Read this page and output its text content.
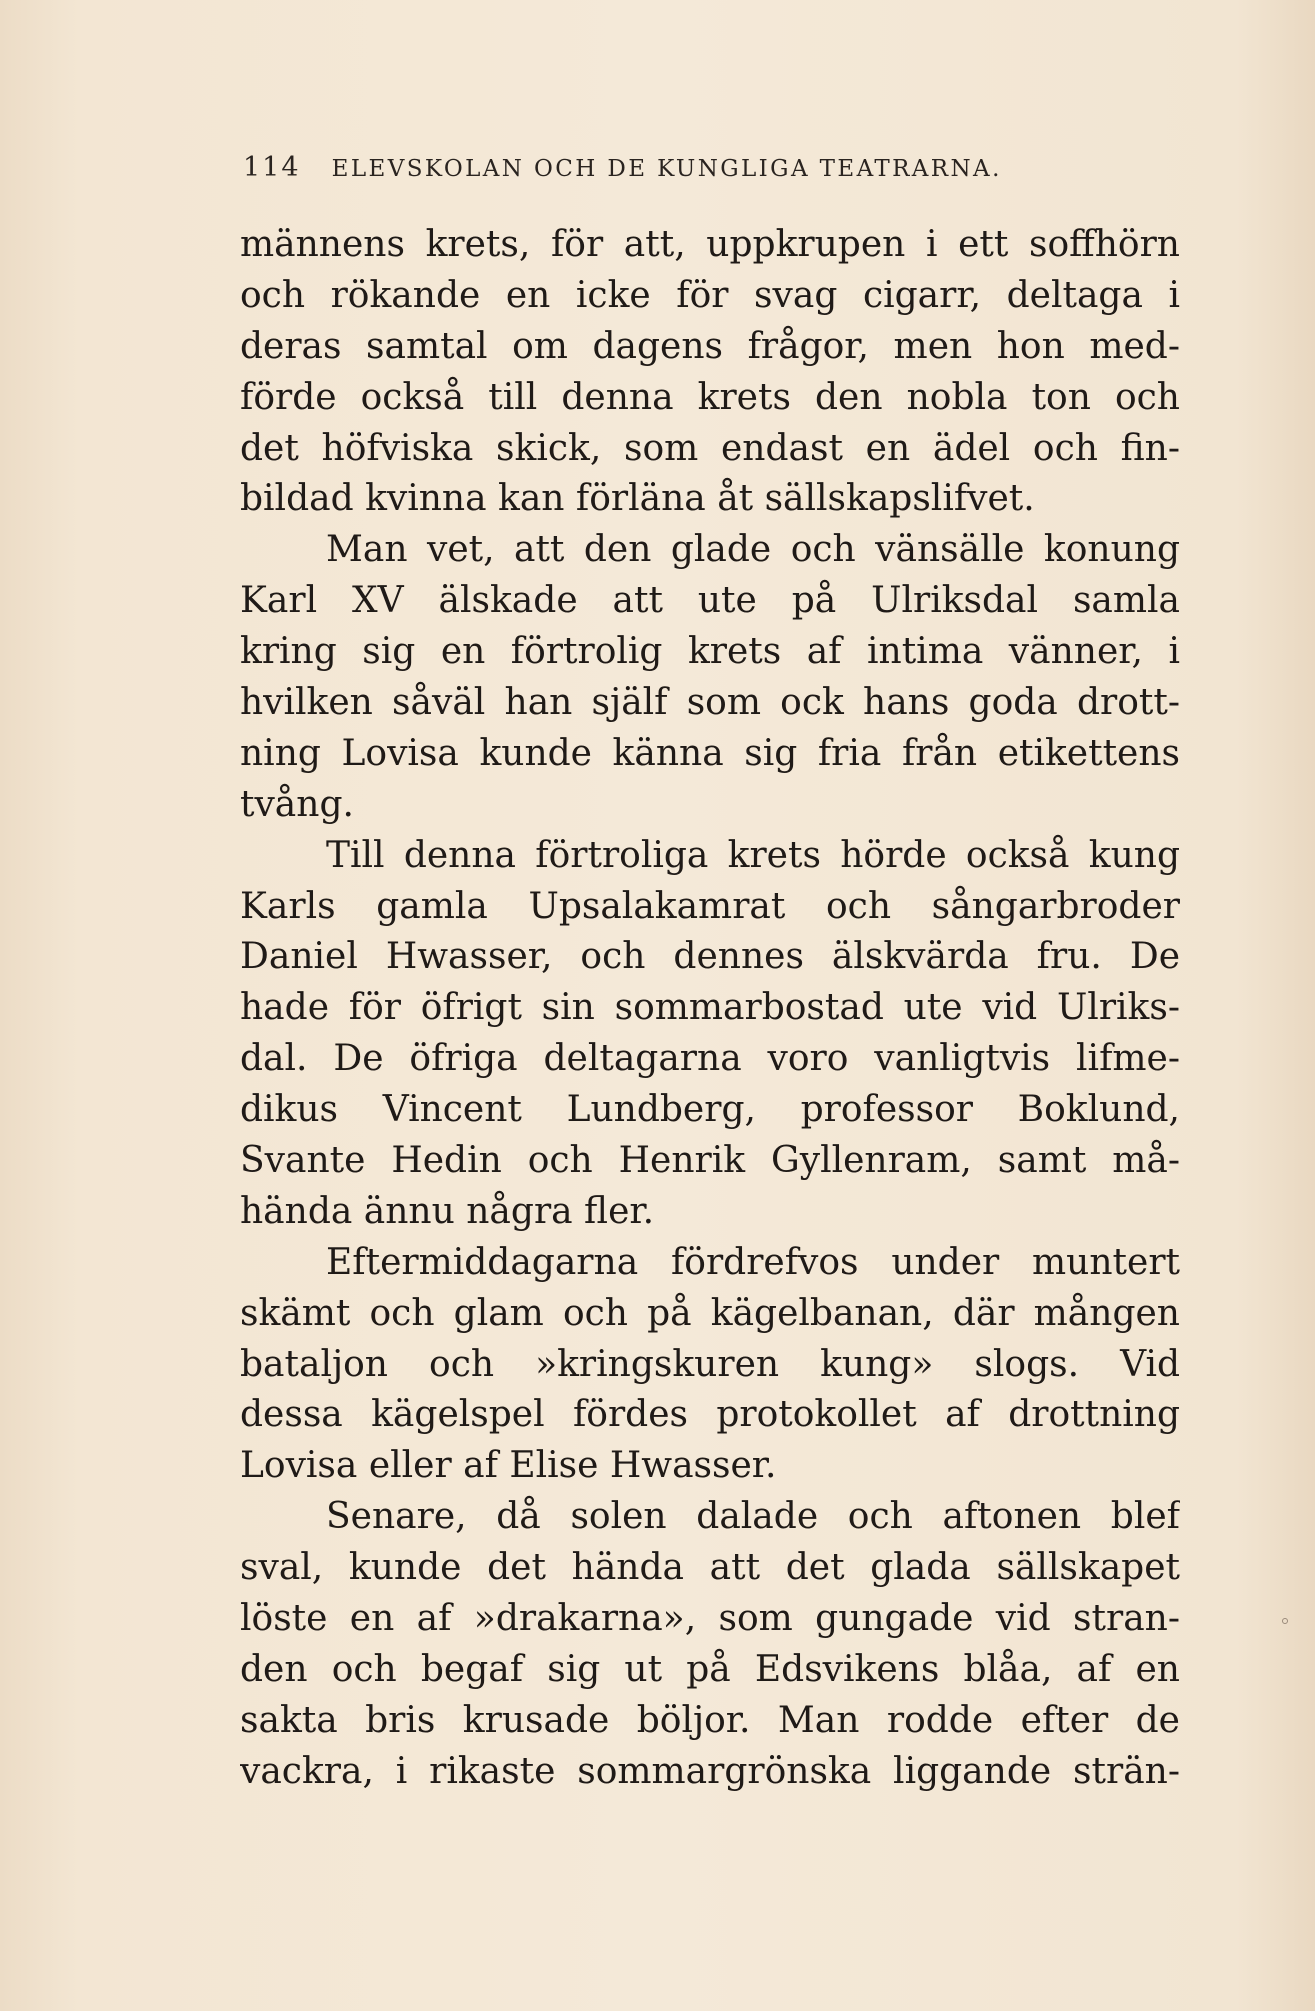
114 ELEVSKOLAN OCH DE KUNGLIGA TEATRARNA.
männens krets, för att, uppkrupen i ett soffhörn
och rökande en icke för svag cigarr, deltaga i
deras samtal om dagens frågor, men hon med-
förde också till denna krets den nobla ton och
det höfviska skick, som endast en ädel och fin-
bildad kvinna kan förläna åt sällskapslifvet.
Man vet, att den glade och vänsälle konung
Karl XV älskade att ute på Ulriksdal samla
kring sig en förtrolig krets af intima vänner, i
hvilken såväl han själf som ock hans goda drott-
ning Lovisa kunde känna sig fria från etikettens
tvång.
Till denna förtroliga krets hörde också kung
Karls gamla Upsalakamrat och sångarbroder
Daniel Hwasser, och dennes älskvärda fru. De
hade för öfrigt sin sommarbostad ute vid Ulriks-
dal. De öfriga deltagarna voro vanligtvis lifme-
dikus Vincent Lundberg, professor Boklund,
Svante Hedin och Henrik Gyllenram, samt må-
hända ännu några fler.
Eftermiddagarna fördrefvos under muntert
skämt och glam och på kägelbanan, där mången
bataljon och »kringskuren kung» slogs. Vid
dessa kägelspel fördes protokollet af drottning
Lovisa eller af Elise Hwasser.
Senare, då solen dalade och aftonen blef
sval, kunde det hända att det glada sällskapet
löste en af »drakarna», som gungade vid stran-
den och begaf sig ut på Edsvikens blåa, af en
sakta bris krusade böljor. Man rodde efter de
vackra, i rikaste sommargrönska liggande strän-
